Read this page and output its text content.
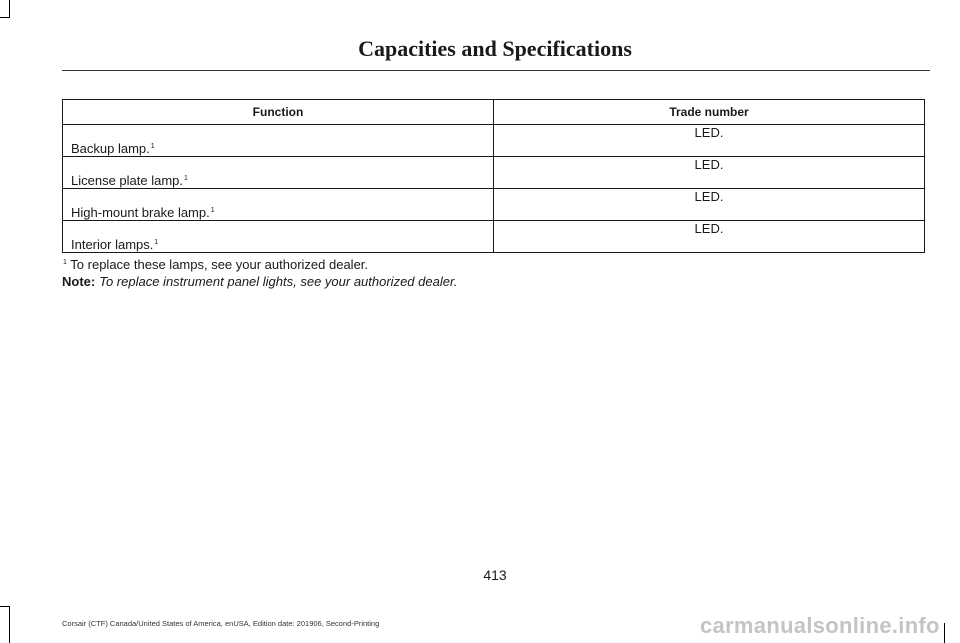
Capacities and Specifications
Function	Trade number
Backup lamp.$^1$	LED.
License plate lamp.$^1$	LED.
High-mount brake lamp.$^1$	LED.
Interior lamps.$^1$	LED.
$^1$ To replace these lamps, see your authorized dealer.
Note: To replace instrument panel lights, see your authorized dealer.
413
Corsair (CTF) Canada/United States of America, enUSA, Edition date: 201906, Second-Printing	carmanualsonline.info
